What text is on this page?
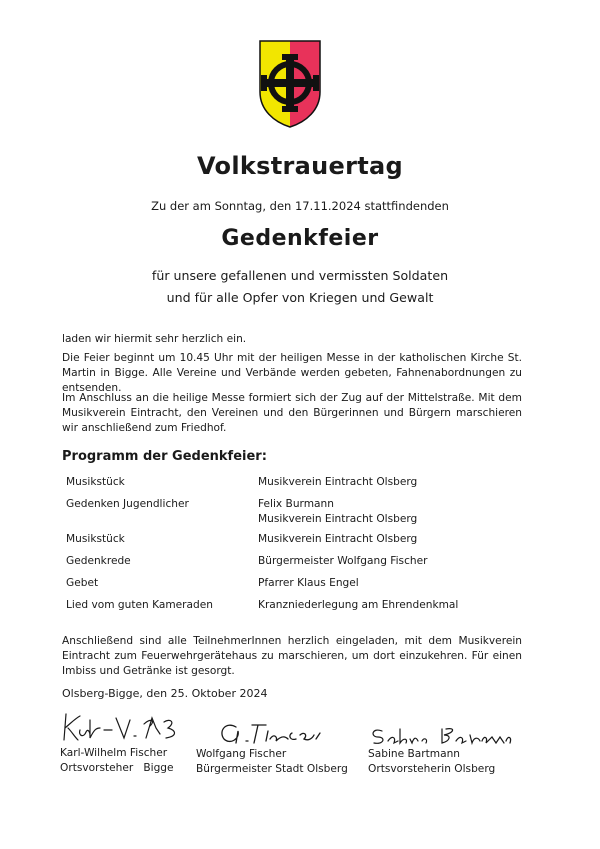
Volkstrauertag
Zu der am Sonntag, den 17.11.2024 stattfindenden
Gedenkfeier
für unsere gefallenen und vermissten Soldaten
und für alle Opfer von Kriegen und Gewalt
laden wir hiermit sehr herzlich ein.
Die Feier beginnt um 10.45 Uhr mit der heiligen Messe in der katholischen Kirche St. Martin in Bigge. Alle Vereine und Verbände werden gebeten, Fahnenabordnungen zu entsenden.
Im Anschluss an die heilige Messe formiert sich der Zug auf der Mittelstraße. Mit dem Musikverein Eintracht, den Vereinen und den Bürgerinnen und Bürgern marschieren wir anschließend zum Friedhof.
Programm der Gedenkfeier:
Musikstück	Musikverein Eintracht Olsberg
Gedenken Jugendlicher	Felix Burmann
Musikverein Eintracht Olsberg
Musikstück	Musikverein Eintracht Olsberg
Gedenkrede	Bürgermeister Wolfgang Fischer
Gebet	Pfarrer Klaus Engel
Lied vom guten Kameraden	Kranzniederlegung am Ehrendenkmal
Anschließend sind alle TeilnehmerInnen herzlich eingeladen, mit dem Musikverein Eintracht zum Feuerwehrgerätehaus zu marschieren, um dort einzukehren. Für einen Imbiss und Getränke ist gesorgt.
Olsberg-Bigge, den 25. Oktober 2024
Karl-Wilhelm Fischer
Ortsvorsteher   Bigge
Wolfgang Fischer
Bürgermeister Stadt Olsberg
Sabine Bartmann
Ortsvorsteherin Olsberg
